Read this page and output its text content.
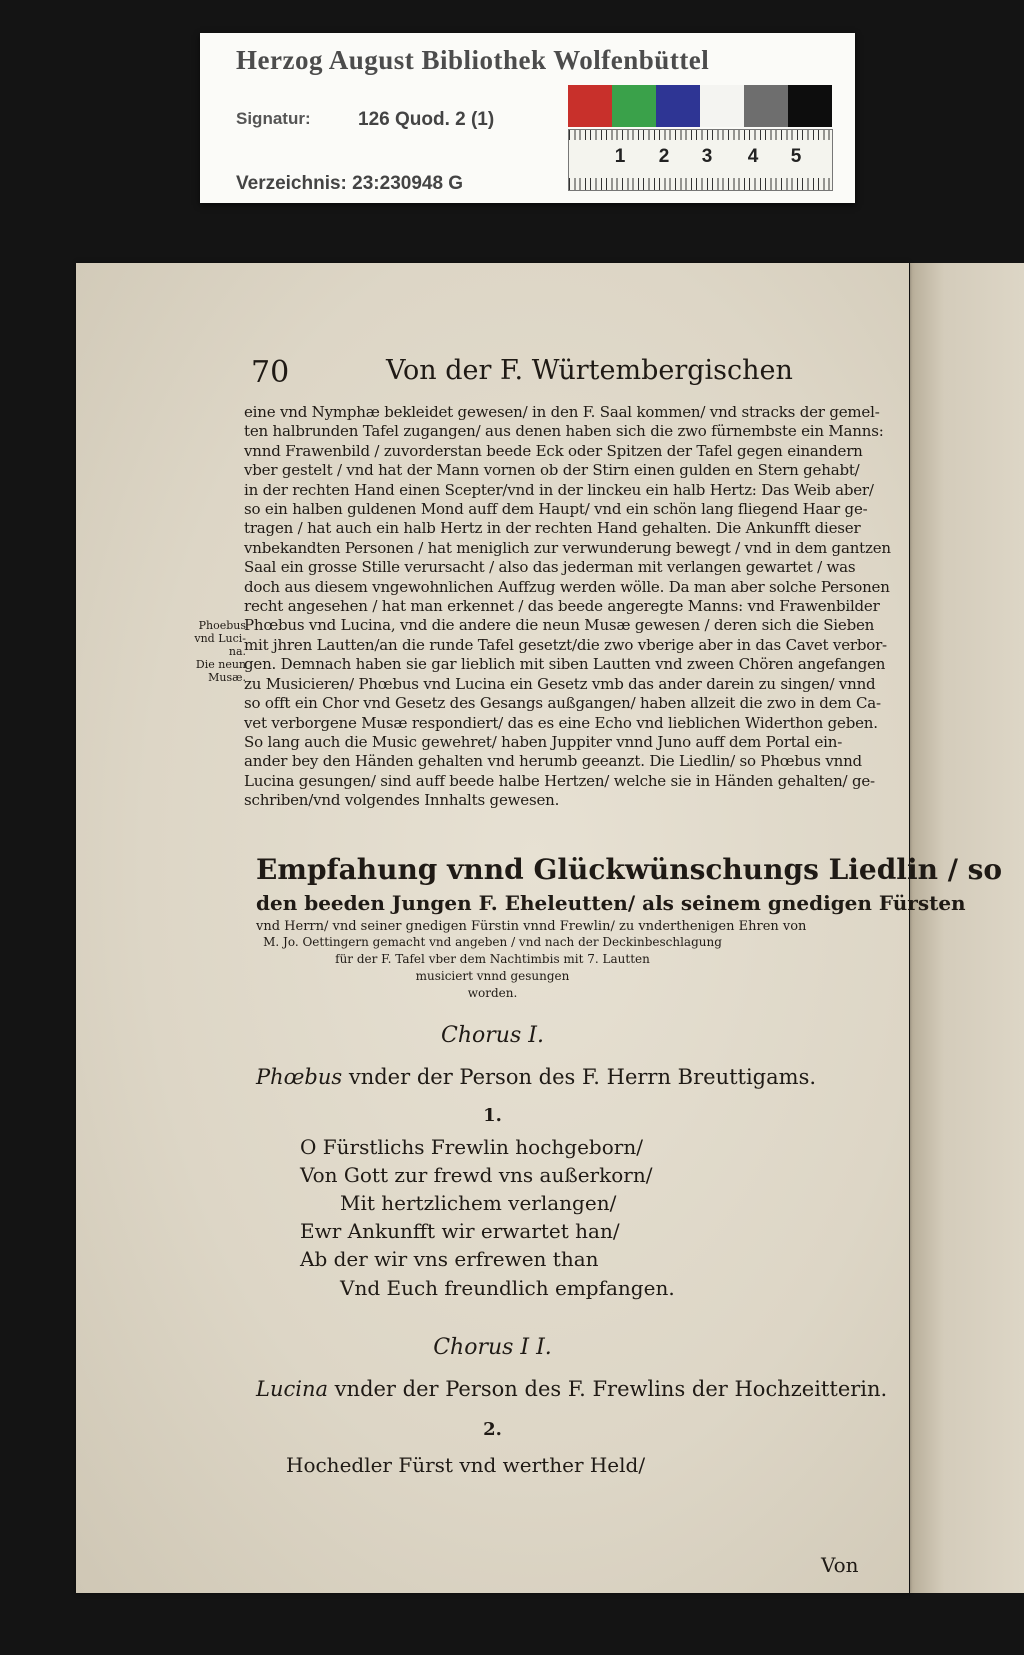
Herzog August Bibliothek Wolfenbüttel
Signatur: 126 Quod. 2 (1)
Verzeichnis: 23:230948 G
1 2 3 4 5
70	Von der F. Würtembergischen
Phoebus
vnd Luci-
na.
Die neun
Musæ.
eine vnd Nymphæ bekleidet gewesen/ in den F. Saal kommen/ vnd stracks der gemel-
ten halbrunden Tafel zugangen/ aus denen haben sich die zwo fürnembste ein Manns:
vnnd Frawenbild / zuvorderstan beede Eck oder Spitzen der Tafel gegen einandern
vber gestelt / vnd hat der Mann vornen ob der Stirn einen gulden en Stern gehabt/
in der rechten Hand einen Scepter/vnd in der linckeu ein halb Hertz: Das Weib aber/
so ein halben guldenen Mond auff dem Haupt/ vnd ein schön lang fliegend Haar ge-
tragen / hat auch ein halb Hertz in der rechten Hand gehalten. Die Ankunfft dieser
vnbekandten Personen / hat meniglich zur verwunderung bewegt / vnd in dem gantzen
Saal ein grosse Stille verursacht / also das jederman mit verlangen gewartet / was
doch aus diesem vngewohnlichen Auffzug werden wölle. Da man aber solche Personen
recht angesehen / hat man erkennet / das beede angeregte Manns: vnd Frawenbilder
Phœbus vnd Lucina, vnd die andere die neun Musæ gewesen / deren sich die Sieben
mit jhren Lautten/an die runde Tafel gesetzt/die zwo vberige aber in das Cavet verbor-
gen. Demnach haben sie gar lieblich mit siben Lautten vnd zween Chören angefangen
zu Musicieren/ Phœbus vnd Lucina ein Gesetz vmb das ander darein zu singen/ vnnd
so offt ein Chor vnd Gesetz des Gesangs außgangen/ haben allzeit die zwo in dem Ca-
vet verborgene Musæ respondiert/ das es eine Echo vnd lieblichen Widerthon geben.
So lang auch die Music gewehret/ haben Juppiter vnnd Juno auff dem Portal ein-
ander bey den Händen gehalten vnd herumb geeanzt. Die Liedlin/ so Phœbus vnnd
Lucina gesungen/ sind auff beede halbe Hertzen/ welche sie in Händen gehalten/ ge-
schriben/vnd volgendes Innhalts gewesen.
Empfahung vnnd Glückwünschungs Liedlin / so
den beeden Jungen F. Eheleutten/ als seinem gnedigen Fürsten
vnd Herrn/ vnd seiner gnedigen Fürstin vnnd Frewlin/ zu vnderthenigen Ehren von
M. Jo. Oettingern gemacht vnd angeben / vnd nach der Deckinbeschlagung
für der F. Tafel vber dem Nachtimbis mit 7. Lautten
musiciert vnnd gesungen
worden.
Chorus I.
Phœbus vnder der Person des F. Herrn Breuttigams.
1.
O Fürstlichs Frewlin hochgeborn/
Von Gott zur frewd vns außerkorn/
Mit hertzlichem verlangen/
Ewr Ankunfft wir erwartet han/
Ab der wir vns erfrewen than
Vnd Euch freundlich empfangen.
Chorus I I.
Lucina vnder der Person des F. Frewlins der Hochzeitterin.
2.
Hochedler Fürst vnd werther Held/
Von
